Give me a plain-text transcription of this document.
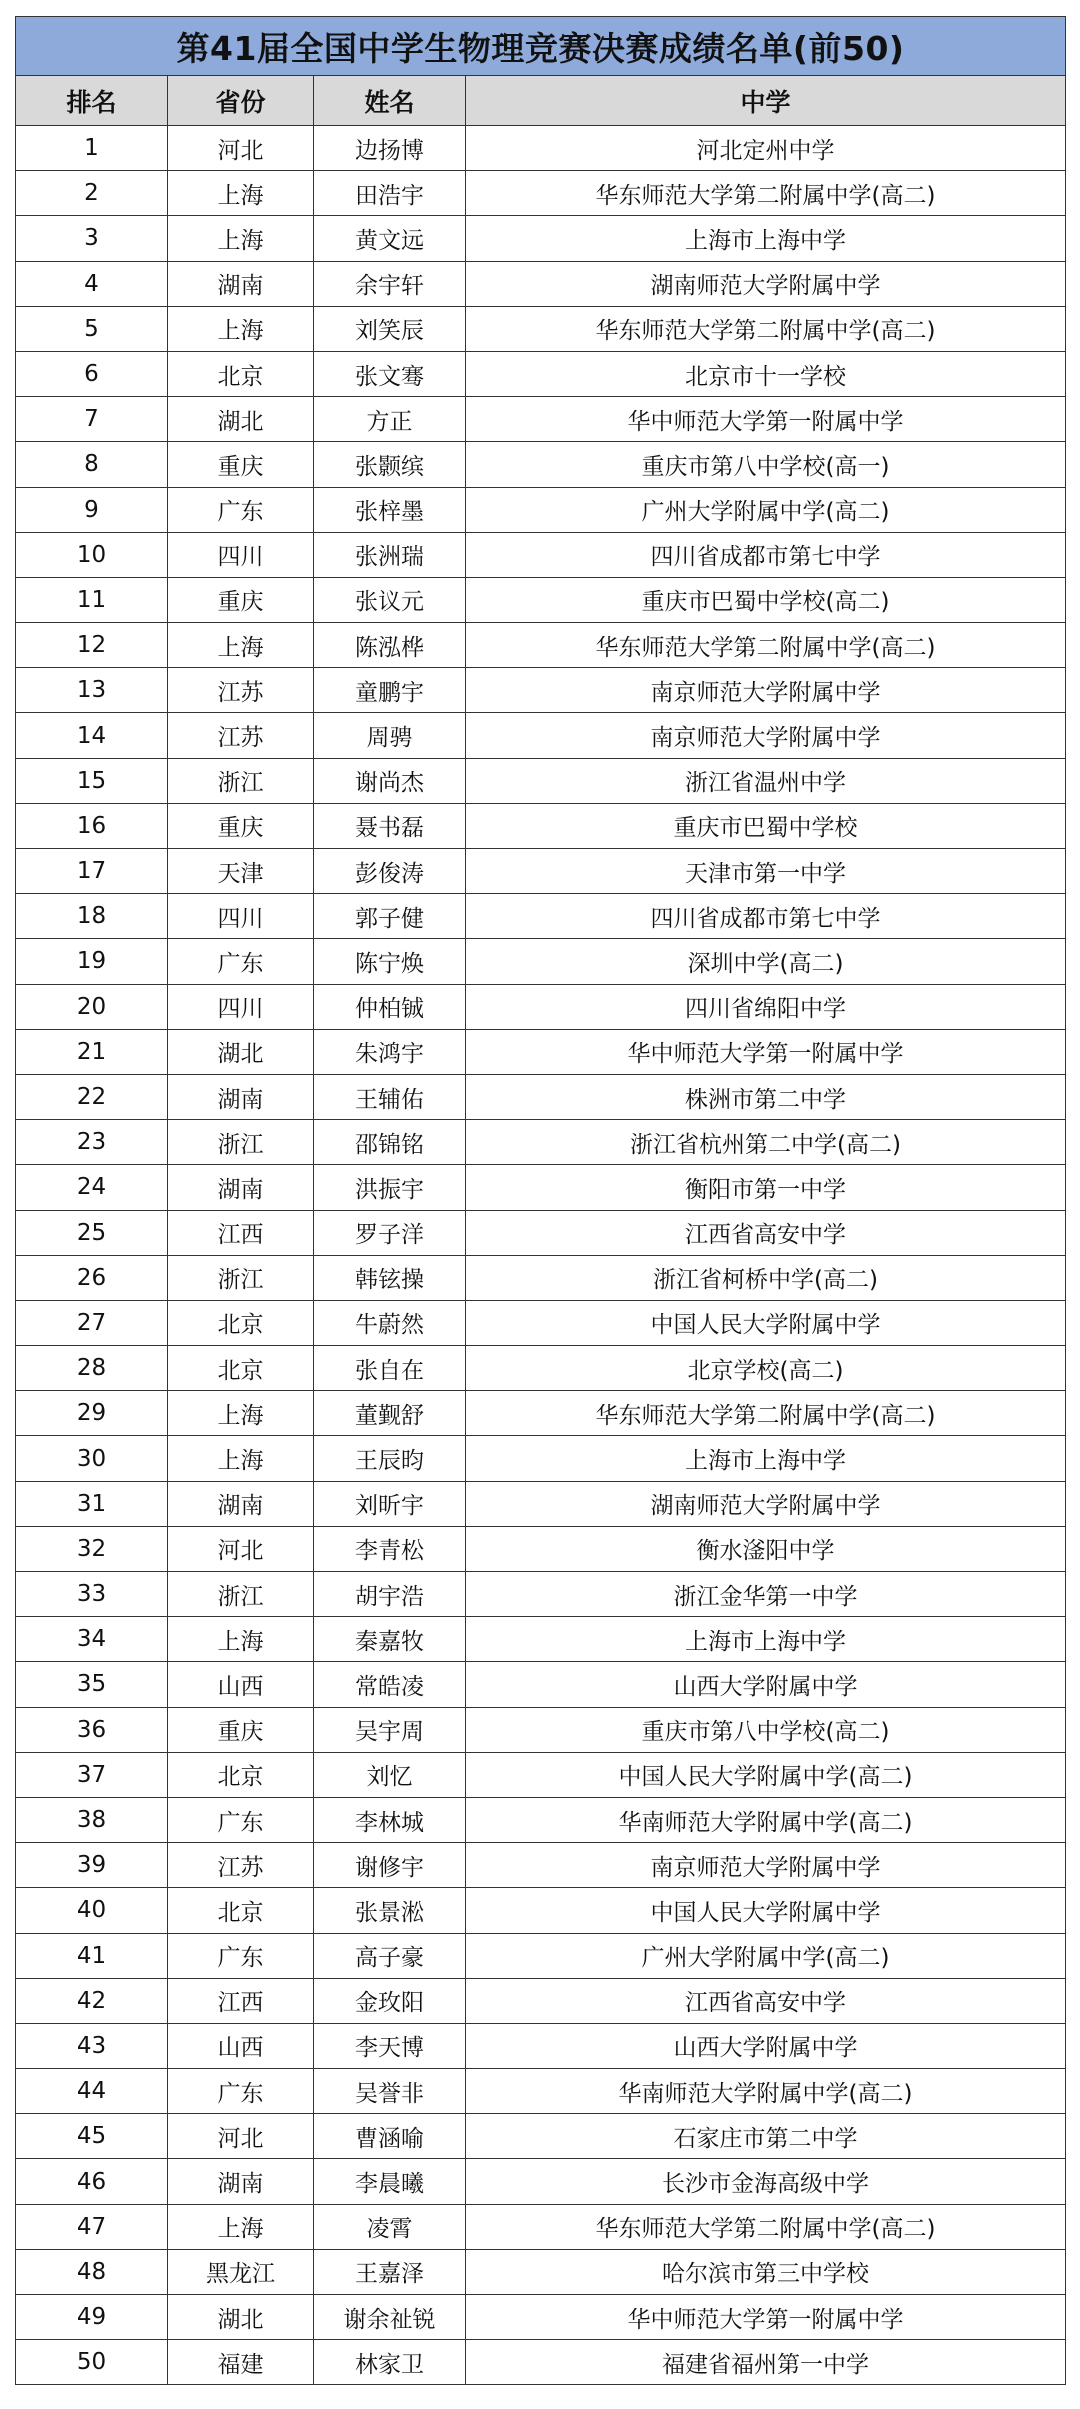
第41届全国中学生物理竞赛决赛成绩名单(前50)			
排名	省份	姓名	中学
1	河北	边扬博	河北定州中学
2	上海	田浩宇	华东师范大学第二附属中学(高二)
3	上海	黄文远	上海市上海中学
4	湖南	余宇轩	湖南师范大学附属中学
5	上海	刘笑辰	华东师范大学第二附属中学(高二)
6	北京	张文骞	北京市十一学校
7	湖北	方正	华中师范大学第一附属中学
8	重庆	张颢缤	重庆市第八中学校(高一)
9	广东	张梓墨	广州大学附属中学(高二)
10	四川	张洲瑞	四川省成都市第七中学
11	重庆	张议元	重庆市巴蜀中学校(高二)
12	上海	陈泓桦	华东师范大学第二附属中学(高二)
13	江苏	童鹏宇	南京师范大学附属中学
14	江苏	周骋	南京师范大学附属中学
15	浙江	谢尚杰	浙江省温州中学
16	重庆	聂书磊	重庆市巴蜀中学校
17	天津	彭俊涛	天津市第一中学
18	四川	郭子健	四川省成都市第七中学
19	广东	陈宁焕	深圳中学(高二)
20	四川	仲柏铖	四川省绵阳中学
21	湖北	朱鸿宇	华中师范大学第一附属中学
22	湖南	王辅佑	株洲市第二中学
23	浙江	邵锦铭	浙江省杭州第二中学(高二)
24	湖南	洪振宇	衡阳市第一中学
25	江西	罗子洋	江西省高安中学
26	浙江	韩铉操	浙江省柯桥中学(高二)
27	北京	牛蔚然	中国人民大学附属中学
28	北京	张自在	北京学校(高二)
29	上海	董觐舒	华东师范大学第二附属中学(高二)
30	上海	王辰昀	上海市上海中学
31	湖南	刘昕宇	湖南师范大学附属中学
32	河北	李青松	衡水滏阳中学
33	浙江	胡宇浩	浙江金华第一中学
34	上海	秦嘉牧	上海市上海中学
35	山西	常皓凌	山西大学附属中学
36	重庆	吴宇周	重庆市第八中学校(高二)
37	北京	刘忆	中国人民大学附属中学(高二)
38	广东	李林城	华南师范大学附属中学(高二)
39	江苏	谢修宇	南京师范大学附属中学
40	北京	张景淞	中国人民大学附属中学
41	广东	高子豪	广州大学附属中学(高二)
42	江西	金玫阳	江西省高安中学
43	山西	李天博	山西大学附属中学
44	广东	吴誉非	华南师范大学附属中学(高二)
45	河北	曹涵喻	石家庄市第二中学
46	湖南	李晨曦	长沙市金海高级中学
47	上海	凌霄	华东师范大学第二附属中学(高二)
48	黑龙江	王嘉泽	哈尔滨市第三中学校
49	湖北	谢余祉锐	华中师范大学第一附属中学
50	福建	林家卫	福建省福州第一中学
